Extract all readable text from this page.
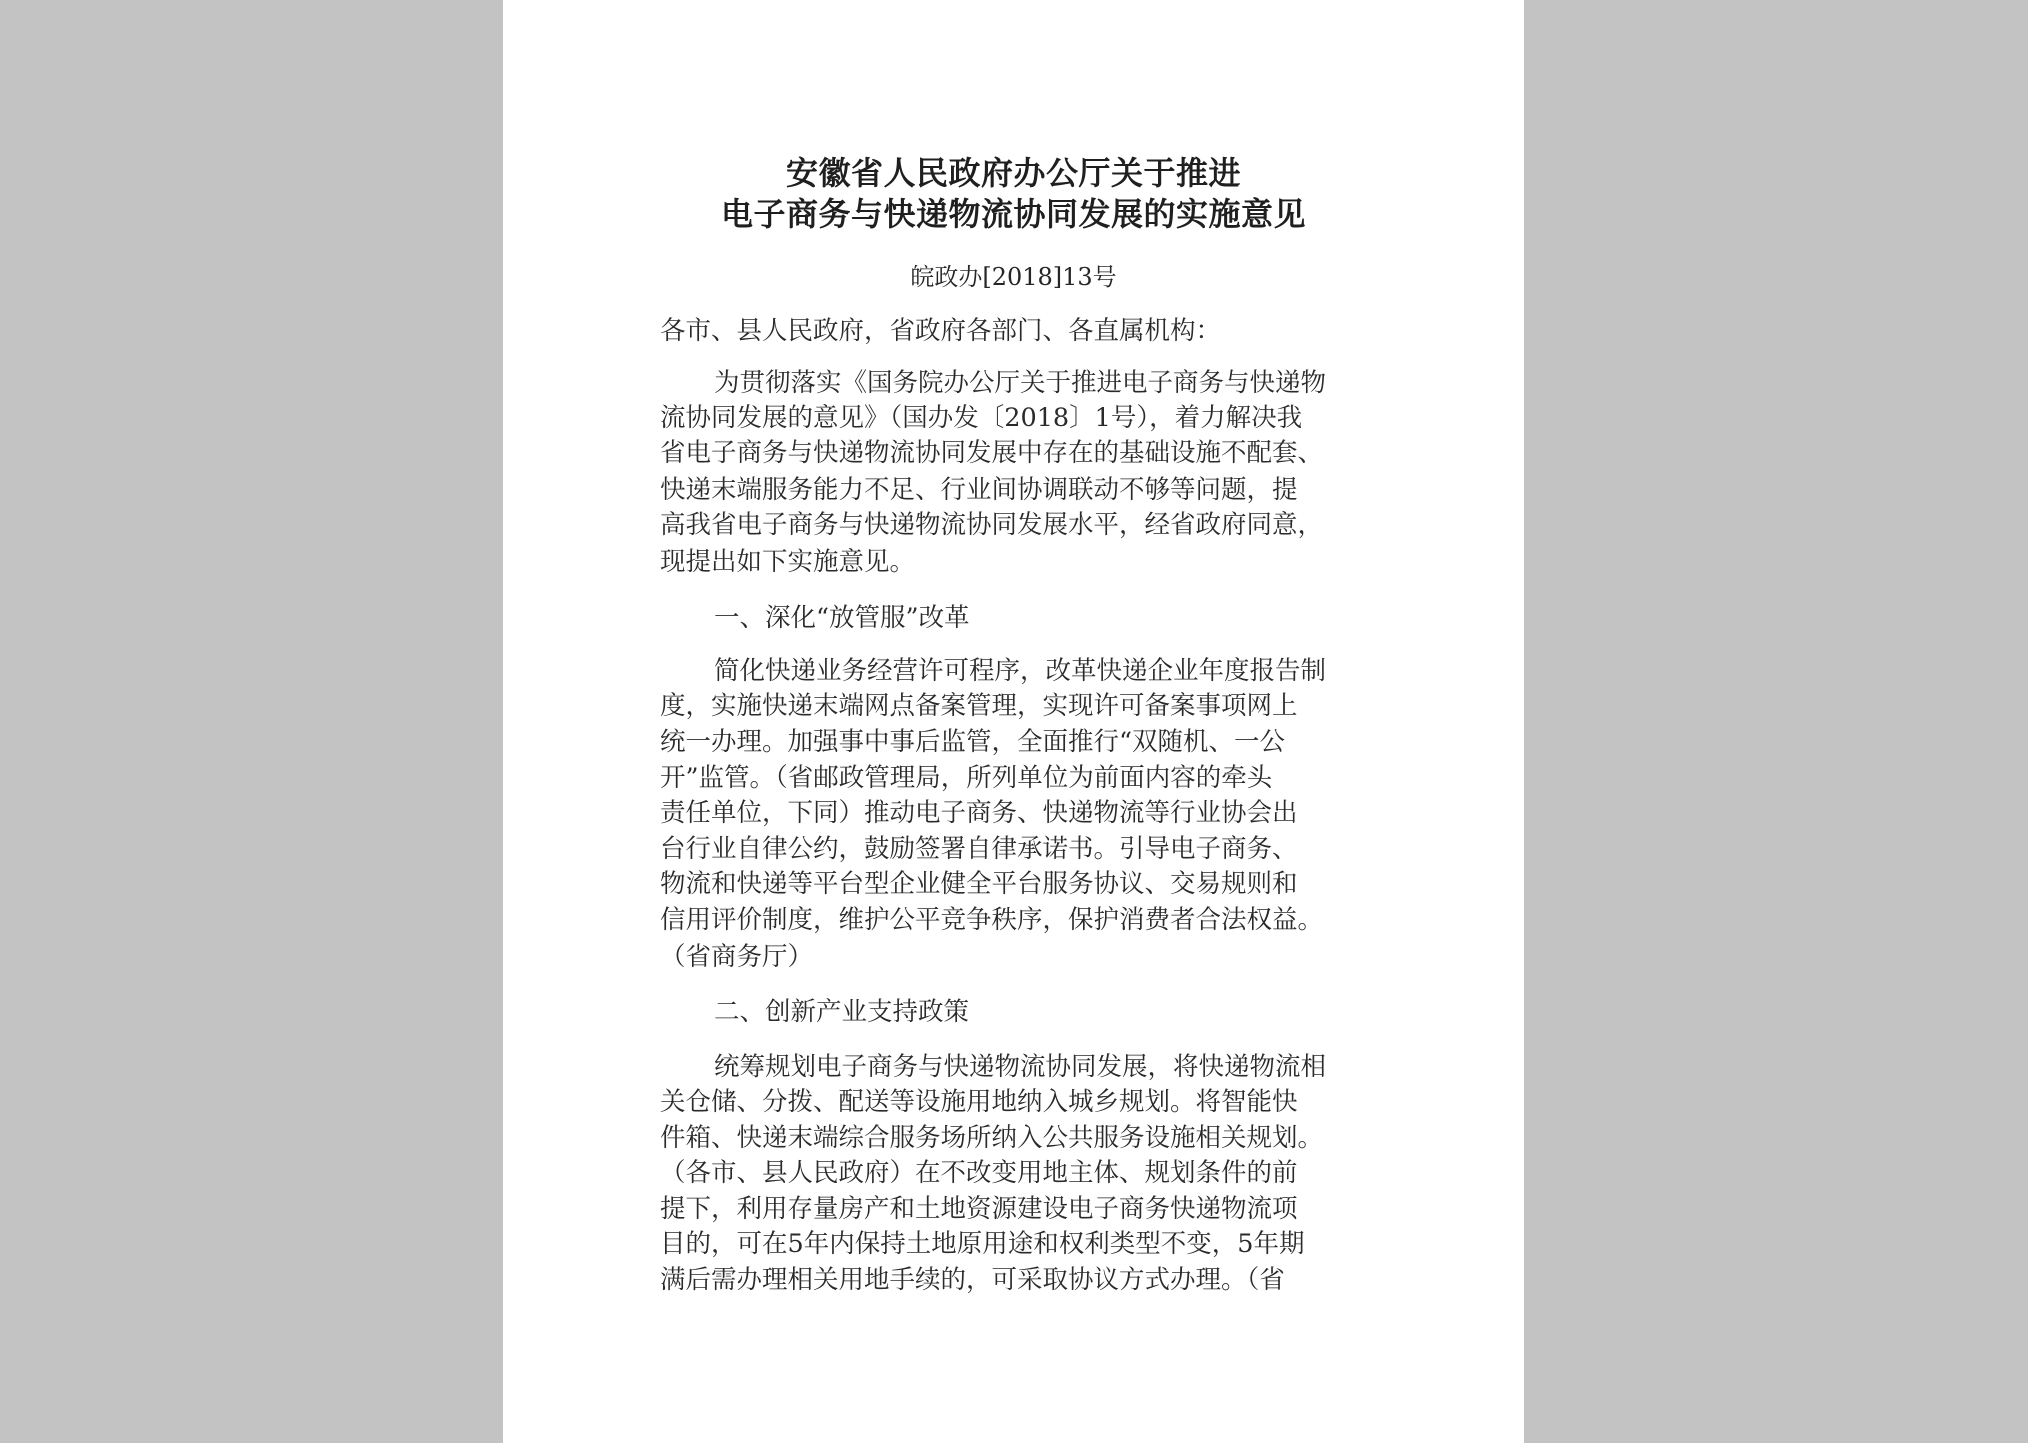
安徽省人民政府办公厅关于推进
电子商务与快递物流协同发展的实施意见
皖政办[2018]13号
各市、县人民政府，省政府各部门、各直属机构：
为贯彻落实《国务院办公厅关于推进电子商务与快递物
流协同发展的意见》（国办发〔2018〕1号），着力解决我
省电子商务与快递物流协同发展中存在的基础设施不配套、
快递末端服务能力不足、行业间协调联动不够等问题，提
高我省电子商务与快递物流协同发展水平，经省政府同意，
现提出如下实施意见。
一、深化“放管服”改革
简化快递业务经营许可程序，改革快递企业年度报告制
度，实施快递末端网点备案管理，实现许可备案事项网上
统一办理。加强事中事后监管，全面推行“双随机、一公
开”监管。（省邮政管理局，所列单位为前面内容的牵头
责任单位，下同）推动电子商务、快递物流等行业协会出
台行业自律公约，鼓励签署自律承诺书。引导电子商务、
物流和快递等平台型企业健全平台服务协议、交易规则和
信用评价制度，维护公平竞争秩序，保护消费者合法权益。
（省商务厅）
二、创新产业支持政策
统筹规划电子商务与快递物流协同发展，将快递物流相
关仓储、分拨、配送等设施用地纳入城乡规划。将智能快
件箱、快递末端综合服务场所纳入公共服务设施相关规划。
（各市、县人民政府）在不改变用地主体、规划条件的前
提下，利用存量房产和土地资源建设电子商务快递物流项
目的，可在5年内保持土地原用途和权利类型不变，5年期
满后需办理相关用地手续的，可采取协议方式办理。（省
